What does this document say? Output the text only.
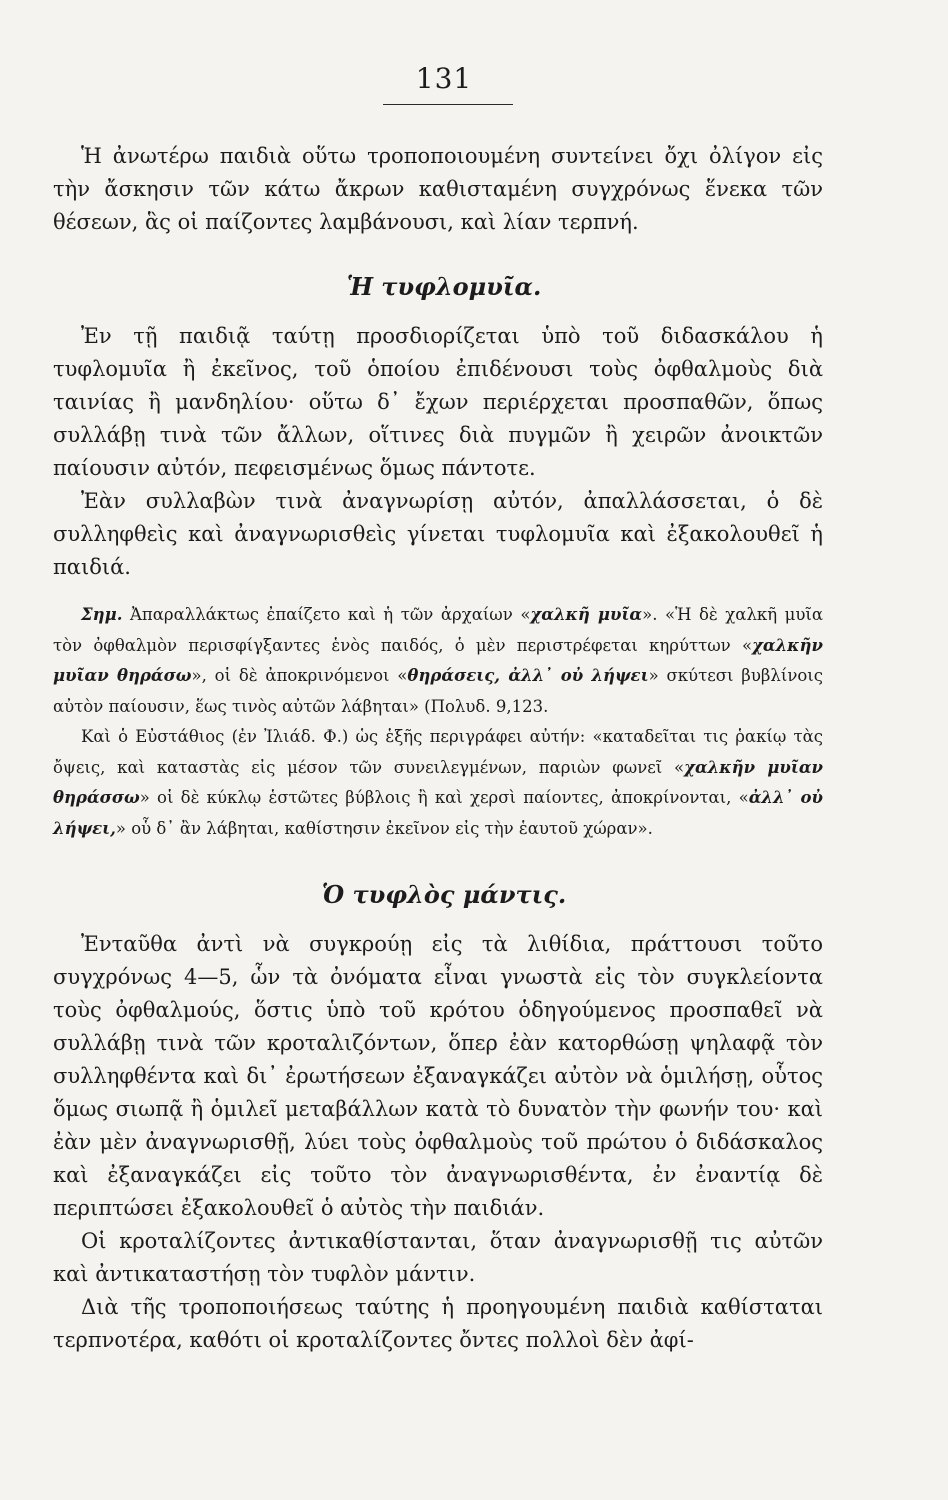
131

Ἡ ἀνωτέρω παιδιὰ οὕτω τροποποιουμένη συντείνει ὄχι ὀλίγον εἰς τὴν ἄσκησιν τῶν κάτω ἄκρων καθισταμένη συγχρόνως ἕνεκα τῶν θέσεων, ἃς οἱ παίζοντες λαμβάνουσι, καὶ λίαν τερπνή.

Ἡ τυφλομυῖα.

Ἐν τῇ παιδιᾷ ταύτῃ προσδιορίζεται ὑπὸ τοῦ διδασκάλου ἡ τυφλομυῖα ἢ ἐκεῖνος, τοῦ ὁποίου ἐπιδένουσι τοὺς ὀφθαλμοὺς διὰ ταινίας ἢ μανδηλίου· οὕτω δ᾽ ἔχων περιέρχεται προσπαθῶν, ὅπως συλλάβῃ τινὰ τῶν ἄλλων, οἵτινες διὰ πυγμῶν ἢ χειρῶν ἀνοικτῶν παίουσιν αὐτόν, πεφεισμένως ὅμως πάντοτε.

Ἐὰν συλλαβὼν τινὰ ἀναγνωρίσῃ αὐτόν, ἀπαλλάσσεται, ὁ δὲ συλληφθεὶς καὶ ἀναγνωρισθεὶς γίνεται τυφλομυῖα καὶ ἐξακολουθεῖ ἡ παιδιά.

Σημ. Ἀπαραλλάκτως ἐπαίζετο καὶ ἡ τῶν ἀρχαίων «χαλκῆ μυῖα». «Ἡ δὲ χαλκῆ μυῖα τὸν ὀφθαλμὸν περισφίγξαντες ἑνὸς παιδός, ὁ μὲν περιστρέφεται κηρύττων «χαλκῆν μυῖαν θηράσω», οἱ δὲ ἀποκρινόμενοι «θηράσεις, ἀλλ᾽ οὐ λήψει» σκύτεσι βυβλίνοις αὐτὸν παίουσιν, ἕως τινὸς αὐτῶν λάβηται» (Πολυδ. 9,123.

Καὶ ὁ Εὐστάθιος (ἐν Ἰλιάδ. Φ.) ὡς ἑξῆς περιγράφει αὐτήν: «καταδεῖται τις ῥακίῳ τὰς ὄψεις, καὶ καταστὰς εἰς μέσον τῶν συνειλεγμένων, παριὼν φωνεῖ «χαλκῆν μυῖαν θηράσσω» οἱ δὲ κύκλῳ ἑστῶτες βύβλοις ἢ καὶ χερσὶ παίοντες, ἀποκρίνονται, «ἀλλ᾽ οὐ λήψει,» οὗ δ᾽ ἂν λάβηται, καθίστησιν ἐκεῖνον εἰς τὴν ἑαυτοῦ χώραν».

Ὁ τυφλὸς μάντις.

Ἐνταῦθα ἀντὶ νὰ συγκρούῃ εἰς τὰ λιθίδια, πράττουσι τοῦτο συγχρόνως 4—5, ὧν τὰ ὀνόματα εἶναι γνωστὰ εἰς τὸν συγκλείοντα τοὺς ὀφθαλμούς, ὅστις ὑπὸ τοῦ κρότου ὁδηγούμενος προσπαθεῖ νὰ συλλάβῃ τινὰ τῶν κροταλιζόντων, ὅπερ ἐὰν κατορθώσῃ ψηλαφᾷ τὸν συλληφθέντα καὶ δι᾽ ἐρωτήσεων ἐξαναγκάζει αὐτὸν νὰ ὁμιλήσῃ, οὗτος ὅμως σιωπᾷ ἢ ὁμιλεῖ μεταβάλλων κατὰ τὸ δυνατὸν τὴν φωνήν του· καὶ ἐὰν μὲν ἀναγνωρισθῇ, λύει τοὺς ὀφθαλμοὺς τοῦ πρώτου ὁ διδάσκαλος καὶ ἐξαναγκάζει εἰς τοῦτο τὸν ἀναγνωρισθέντα, ἐν ἐναντίᾳ δὲ περιπτώσει ἐξακολουθεῖ ὁ αὐτὸς τὴν παιδιάν.

Οἱ κροταλίζοντες ἀντικαθίστανται, ὅταν ἀναγνωρισθῇ τις αὐτῶν καὶ ἀντικαταστήσῃ τὸν τυφλὸν μάντιν.

Διὰ τῆς τροποποιήσεως ταύτης ἡ προηγουμένη παιδιὰ καθίσταται τερπνοτέρα, καθότι οἱ κροταλίζοντες ὄντες πολλοὶ δὲν ἀφί-
